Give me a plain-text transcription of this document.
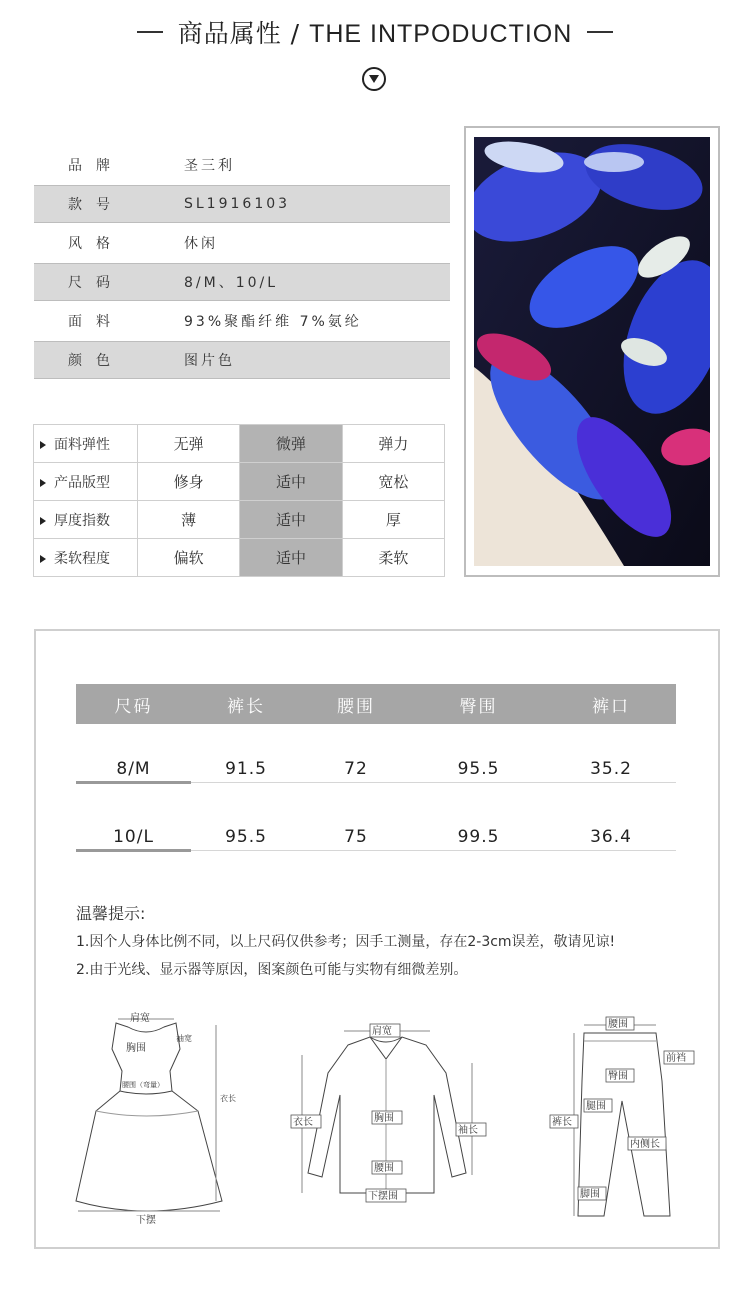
商品属性 / THE INTPODUCTION
品　牌	圣三利
款　号	SL1916103
风　格	休闲
尺　码	8/M、10/L
面　料	93%聚酯纤维 7%氨纶
颜　色	图片色
面料弹性	无弹	微弹	弹力
产品版型	修身	适中	宽松
厚度指数	薄	适中	厚
柔软程度	偏软	适中	柔软
尺码	裤长	腰围	臀围	裤口
8/M	91.5	72	95.5	35.2
10/L	95.5	75	99.5	36.4
温馨提示:
1.因个人身体比例不同，以上尺码仅供参考；因手工测量，存在2-3cm误差，敬请见谅!
2.由于光线、显示器等原因，图案颜色可能与实物有细微差别。
肩宽
胸围
袖宽
腰围（弯量）
衣长
下摆
肩宽
衣长	胸围
袖长
腰围
下摆围
腰围
前裆
臀围
裤长
腿围
内侧长
脚围
